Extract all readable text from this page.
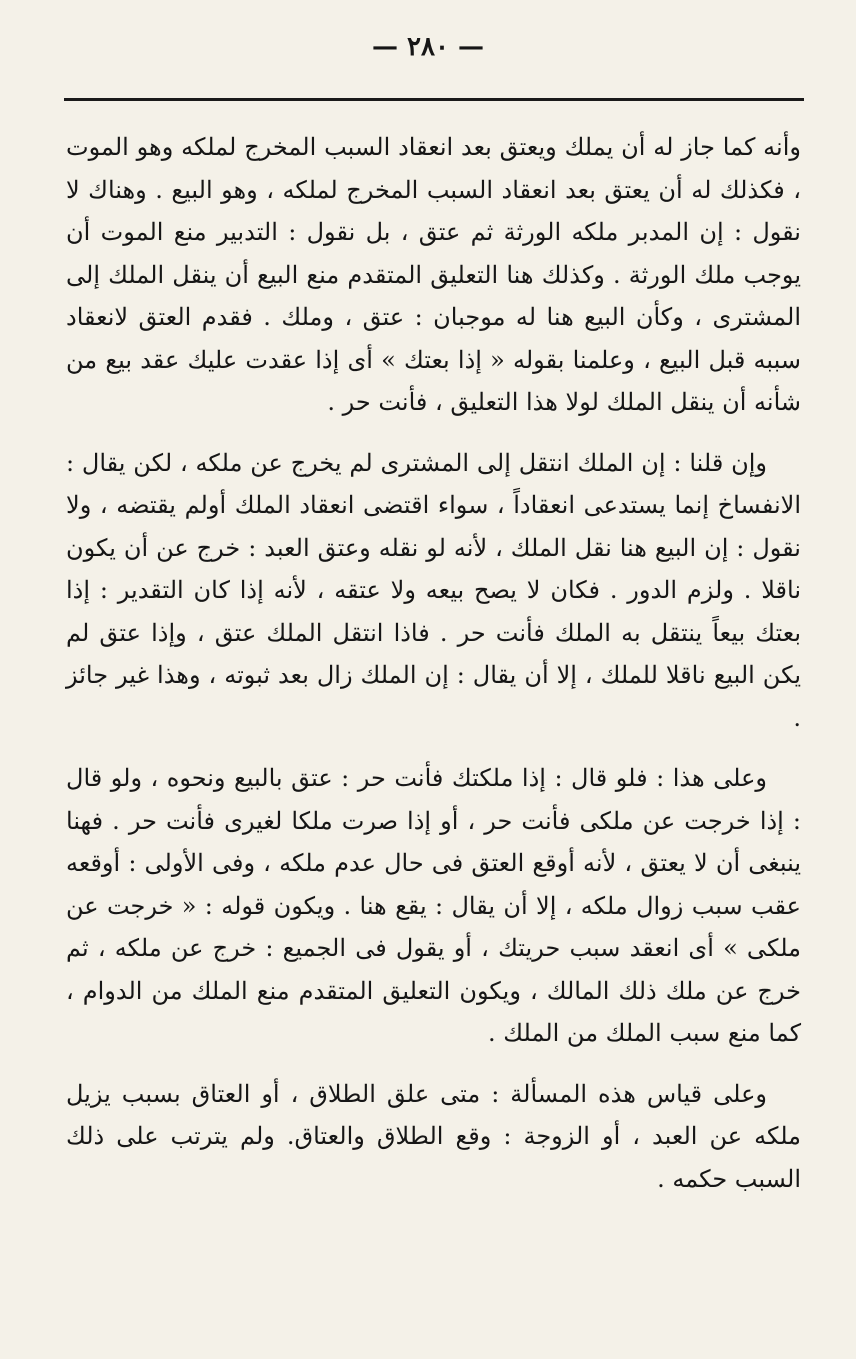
— ٢٨٠ —

وأنه كما جاز له أن يملك ويعتق بعد انعقاد السبب المخرج لملكه وهو الموت ، فكذلك له أن يعتق بعد انعقاد السبب المخرج لملكه ، وهو البيع . وهناك لا نقول : إن المدبر ملكه الورثة ثم عتق ، بل نقول : التدبير منع الموت أن يوجب ملك الورثة . وكذلك هنا التعليق المتقدم منع البيع أن ينقل الملك إلى المشترى ، وكأن البيع هنا له موجبان : عتق ، وملك . فقدم العتق لانعقاد سببه قبل البيع ، وعلمنا بقوله « إذا بعتك » أى إذا عقدت عليك عقد بيع من شأنه أن ينقل الملك لولا هذا التعليق ، فأنت حر .

وإن قلنا : إن الملك انتقل إلى المشترى لم يخرج عن ملكه ، لكن يقال : الانفساخ إنما يستدعى انعقاداً ، سواء اقتضى انعقاد الملك أولم يقتضه ، ولا نقول : إن البيع هنا نقل الملك ، لأنه لو نقله وعتق العبد : خرج عن أن يكون ناقلا . ولزم الدور . فكان لا يصح بيعه ولا عتقه ، لأنه إذا كان التقدير : إذا بعتك بيعاً ينتقل به الملك فأنت حر . فاذا انتقل الملك عتق ، وإذا عتق لم يكن البيع ناقلا للملك ، إلا أن يقال : إن الملك زال بعد ثبوته ، وهذا غير جائز .

وعلى هذا : فلو قال : إذا ملكتك فأنت حر : عتق بالبيع ونحوه ، ولو قال : إذا خرجت عن ملكى فأنت حر ، أو إذا صرت ملكا لغيرى فأنت حر . فهنا ينبغى أن لا يعتق ، لأنه أوقع العتق فى حال عدم ملكه ، وفى الأولى : أوقعه عقب سبب زوال ملكه ، إلا أن يقال : يقع هنا . ويكون قوله : « خرجت عن ملكى » أى انعقد سبب حريتك ، أو يقول فى الجميع : خرج عن ملكه ، ثم خرج عن ملك ذلك المالك ، ويكون التعليق المتقدم منع الملك من الدوام ، كما منع سبب الملك من الملك .

وعلى قياس هذه المسألة : متى علق الطلاق ، أو العتاق بسبب يزيل ملكه عن العبد ، أو الزوجة : وقع الطلاق والعتاق. ولم يترتب على ذلك السبب حكمه .
